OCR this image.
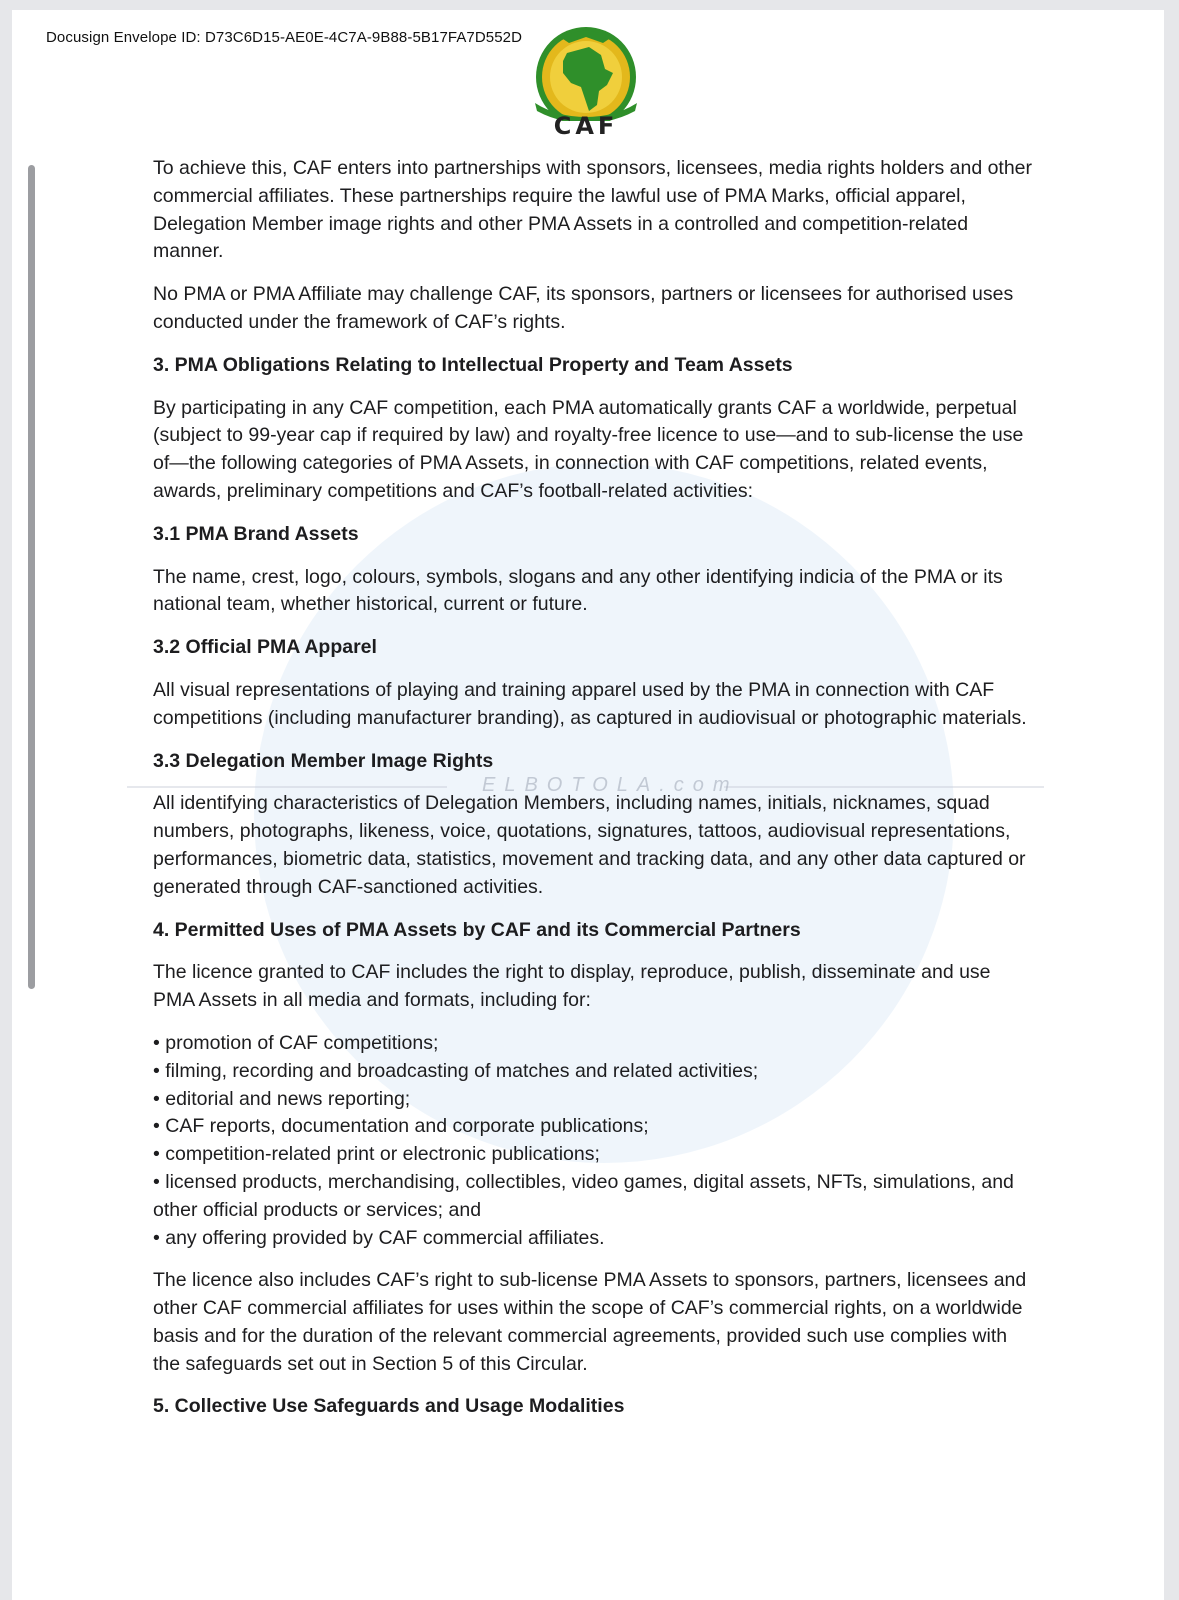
ELBOTOLA.com
Docusign Envelope ID: D73C6D15-AE0E-4C7A-9B88-5B17FA7D552D
CAF

To achieve this, CAF enters into partnerships with sponsors, licensees, media rights holders and other commercial affiliates. These partnerships require the lawful use of PMA Marks, official apparel, Delegation Member image rights and other PMA Assets in a controlled and competition-related manner.

No PMA or PMA Affiliate may challenge CAF, its sponsors, partners or licensees for authorised uses conducted under the framework of CAF’s rights.

3. PMA Obligations Relating to Intellectual Property and Team Assets

By participating in any CAF competition, each PMA automatically grants CAF a worldwide, perpetual (subject to 99-year cap if required by law) and royalty-free licence to use—and to sub-license the use of—the following categories of PMA Assets, in connection with CAF competitions, related events, awards, preliminary competitions and CAF’s football-related activities:

3.1 PMA Brand Assets

The name, crest, logo, colours, symbols, slogans and any other identifying indicia of the PMA or its national team, whether historical, current or future.

3.2 Official PMA Apparel

All visual representations of playing and training apparel used by the PMA in connection with CAF competitions (including manufacturer branding), as captured in audiovisual or photographic materials.

3.3 Delegation Member Image Rights

All identifying characteristics of Delegation Members, including names, initials, nicknames, squad numbers, photographs, likeness, voice, quotations, signatures, tattoos, audiovisual representations, performances, biometric data, statistics, movement and tracking data, and any other data captured or generated through CAF-sanctioned activities.

4. Permitted Uses of PMA Assets by CAF and its Commercial Partners

The licence granted to CAF includes the right to display, reproduce, publish, disseminate and use PMA Assets in all media and formats, including for:

• promotion of CAF competitions;
• filming, recording and broadcasting of matches and related activities;
• editorial and news reporting;
• CAF reports, documentation and corporate publications;
• competition-related print or electronic publications;
• licensed products, merchandising, collectibles, video games, digital assets, NFTs, simulations, and other official products or services; and
• any offering provided by CAF commercial affiliates.

The licence also includes CAF’s right to sub-license PMA Assets to sponsors, partners, licensees and other CAF commercial affiliates for uses within the scope of CAF’s commercial rights, on a worldwide basis and for the duration of the relevant commercial agreements, provided such use complies with the safeguards set out in Section 5 of this Circular.

5. Collective Use Safeguards and Usage Modalities
